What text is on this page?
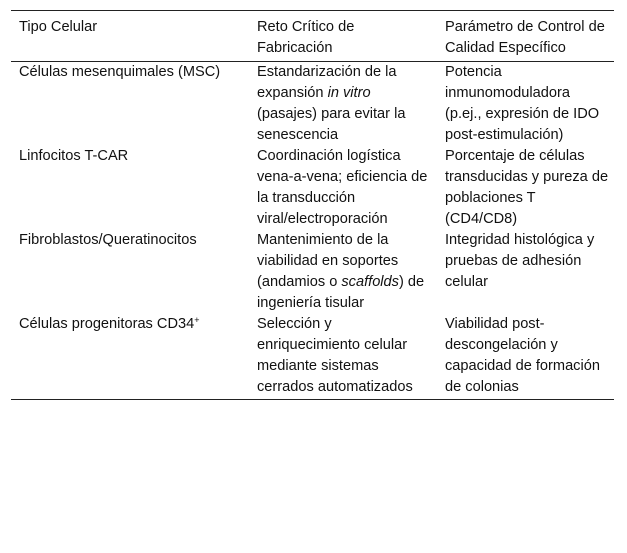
Tipo Celular	Reto Crítico de Fabricación	Parámetro de Control de Calidad Específico
Células mesenquimales (MSC)	Estandarización de la expansión in vitro (pasajes) para evitar la senescencia	Potencia inmunomoduladora (p.ej., expresión de IDO post-estimulación)
Linfocitos T-CAR	Coordinación logística vena-a-vena; eficiencia de la transducción viral/electroporación	Porcentaje de células transducidas y pureza de poblaciones T (CD4/CD8)
Fibroblastos/Queratinocitos	Mantenimiento de la viabilidad en soportes (andamios o scaffolds) de ingeniería tisular	Integridad histológica y pruebas de adhesión celular
Células progenitoras CD34+	Selección y enriquecimiento celular mediante sistemas cerrados automatizados	Viabilidad post-descongelación y capacidad de formación de colonias
